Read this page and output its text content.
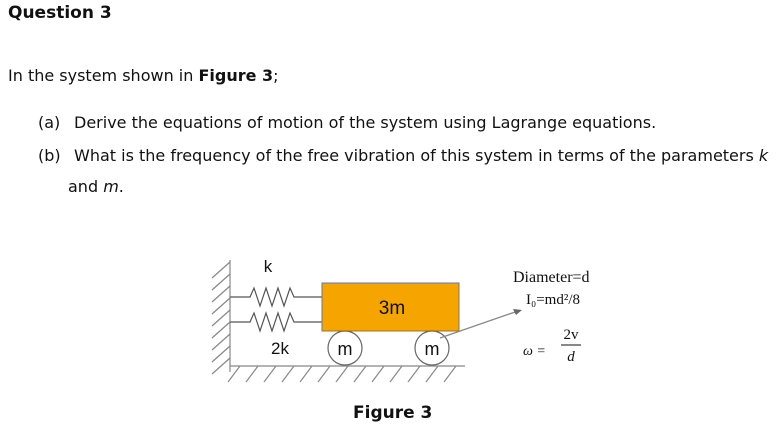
Question 3
In the system shown in Figure 3;
(a) Derive the equations of motion of the system using Lagrange equations.
(b) What is the frequency of the free vibration of this system in terms of the parameters k
and m.
k
2k
3m
m	m
Diameter=d
I₀=md²/8
ω =
2v
d
Figure 3
